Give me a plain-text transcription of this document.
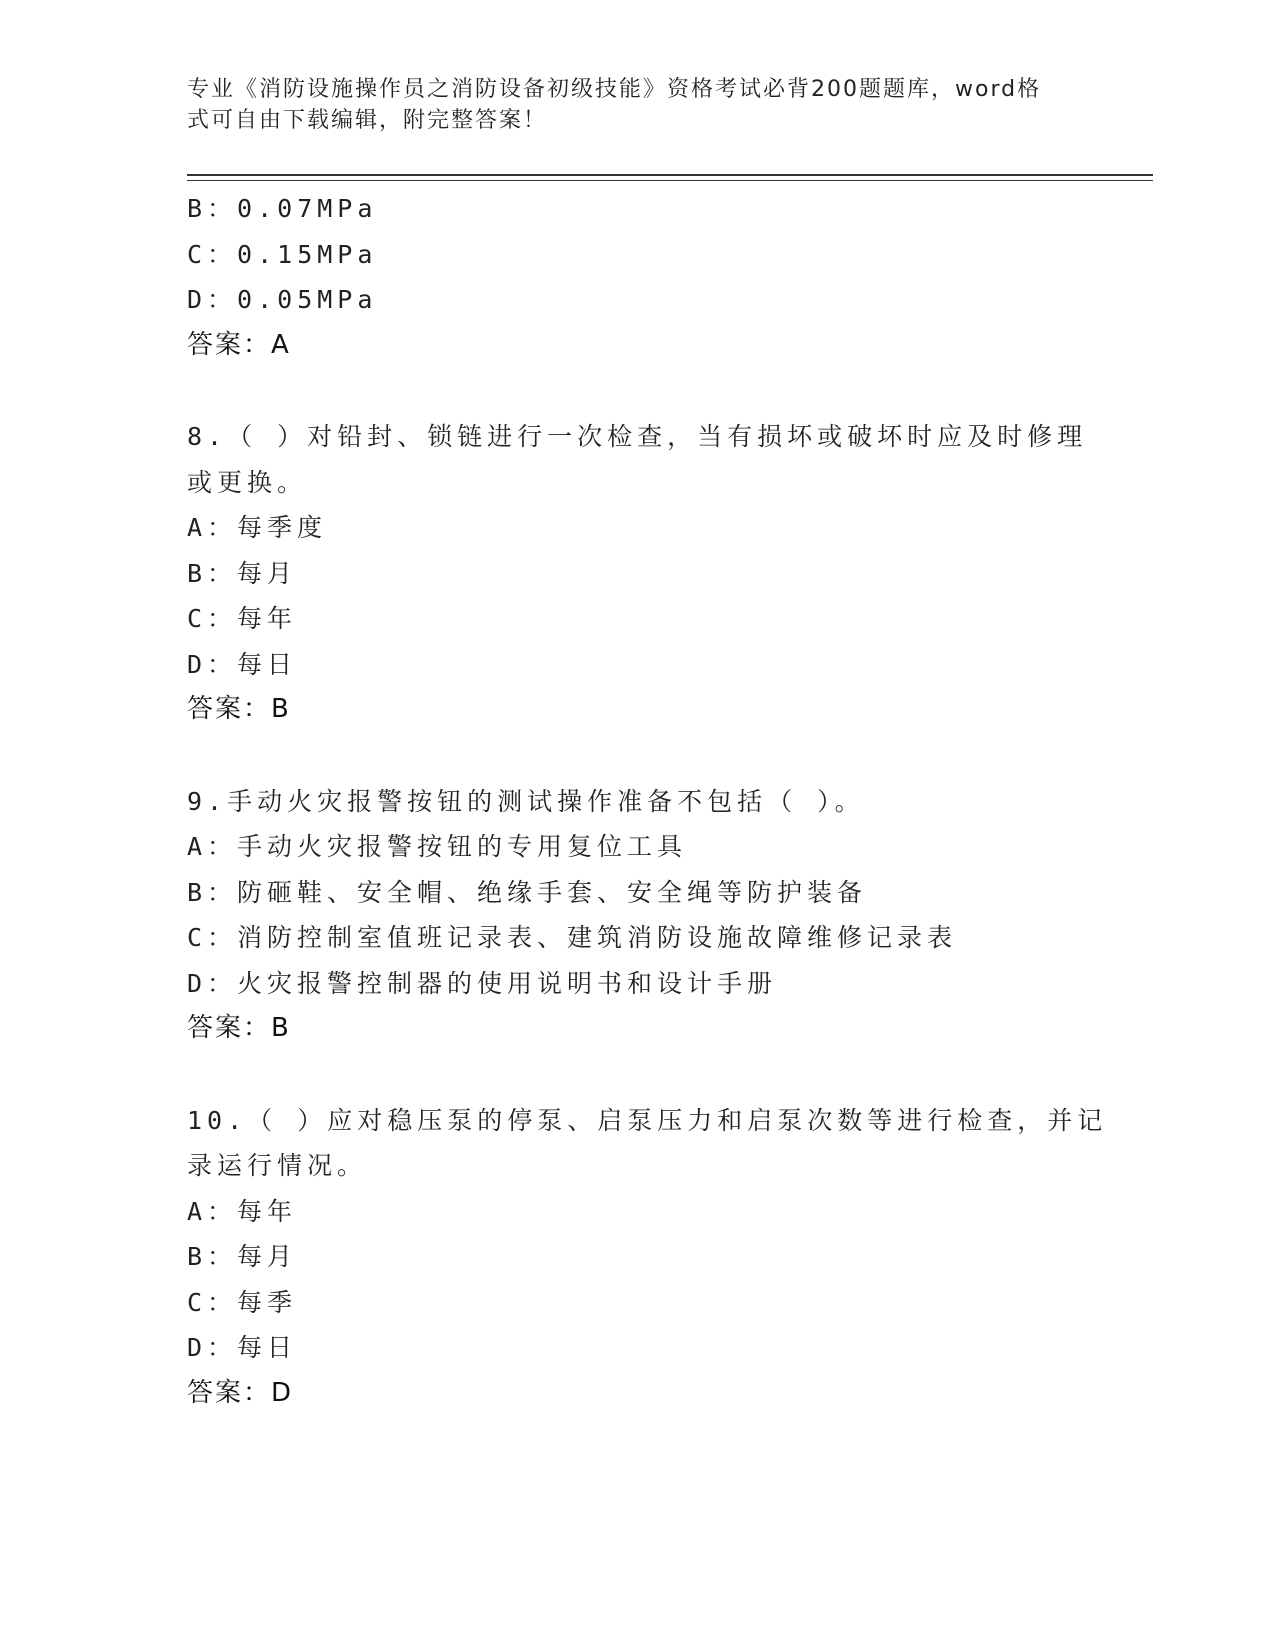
专业《消防设施操作员之消防设备初级技能》资格考试必背200题题库，word格
式可自由下载编辑，附完整答案！
B：0.07MPa
C：0.15MPa
D：0.05MPa
答案：A
8.（ ）对铅封、锁链进行一次检查，当有损坏或破坏时应及时修理
或更换。
A：每季度
B：每月
C：每年
D：每日
答案：B
9.手动火灾报警按钮的测试操作准备不包括（ ）。
A：手动火灾报警按钮的专用复位工具
B：防砸鞋、安全帽、绝缘手套、安全绳等防护装备
C：消防控制室值班记录表、建筑消防设施故障维修记录表
D：火灾报警控制器的使用说明书和设计手册
答案：B
10.（ ）应对稳压泵的停泵、启泵压力和启泵次数等进行检查，并记
录运行情况。
A：每年
B：每月
C：每季
D：每日
答案：D
